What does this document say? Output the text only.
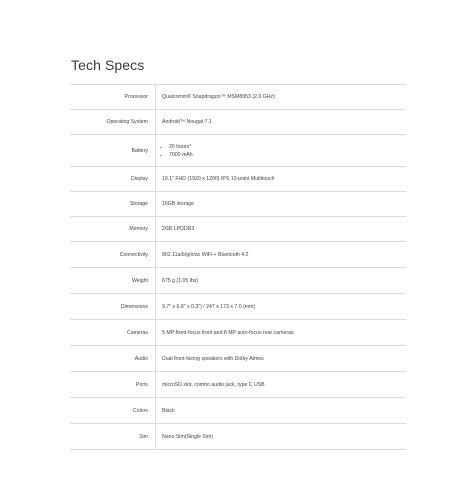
Tech Specs
Processor	Qualcomm® Snapdragon™ MSM8953 (2.0 GHz)
Operating System	Android™ Nougat 7.1
Battery
• 20 hours*
• 7000 mAh
Display	10.1" FHD (1920 x 1200) IPS 10-point Multitouch
Storage	16GB storage
Memory	2GB LPDDR3
Connectivity	802.11a/b/g/n/ac WiFi + Bluetooth 4.2
Weight	675 g (1.05 lbs)
Dimensions	9.7" x 6.8" x 0.3") / 247 x 173 x 7.0 (mm)
Cameras	5 MP fixed-focus front and 8 MP auto-focus rear cameras
Audio	Dual front-facing speakers with Dolby Atmos
Ports	microSD slot, combo audio jack, type C USB
Colors	Black
Sim	Nano Sim(Single Sim)
